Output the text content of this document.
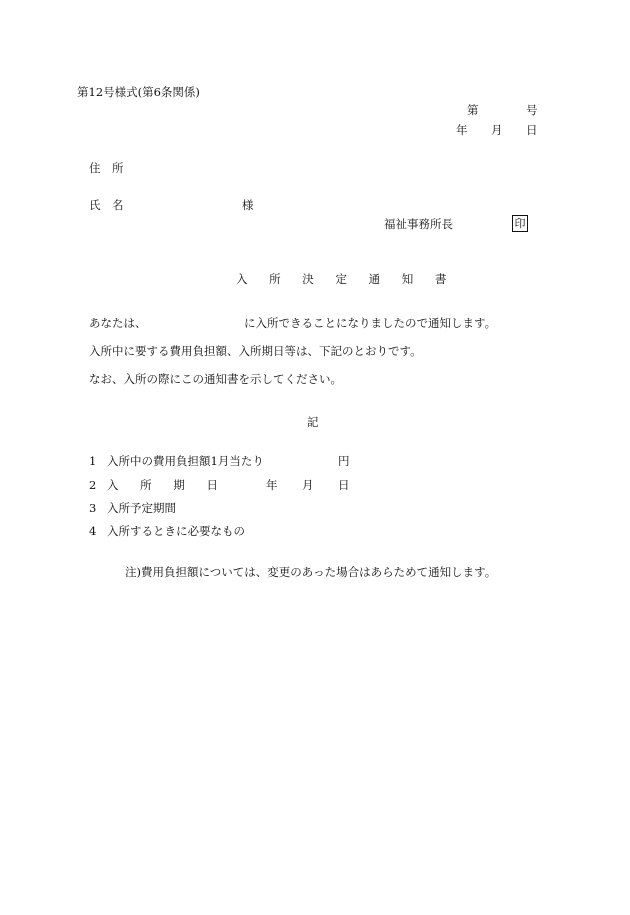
第12号様式(第6条関係)
第	号
年 月 日
住　所
氏　名	様
福祉事務所長	印
入 所 決 定 通 知 書
あなたは、	に入所できることになりましたので通知します。
入所中に要する費用負担額、入所期日等は、下記のとおりです。
なお、入所の際にこの通知書を示してください。
記
1 入所中の費用負担額1月当たり	円
2 入 所 期 日	年 月 日
3 入所予定期間
4 入所するときに必要なもの
注)費用負担額については、変更のあった場合はあらためて通知します。
